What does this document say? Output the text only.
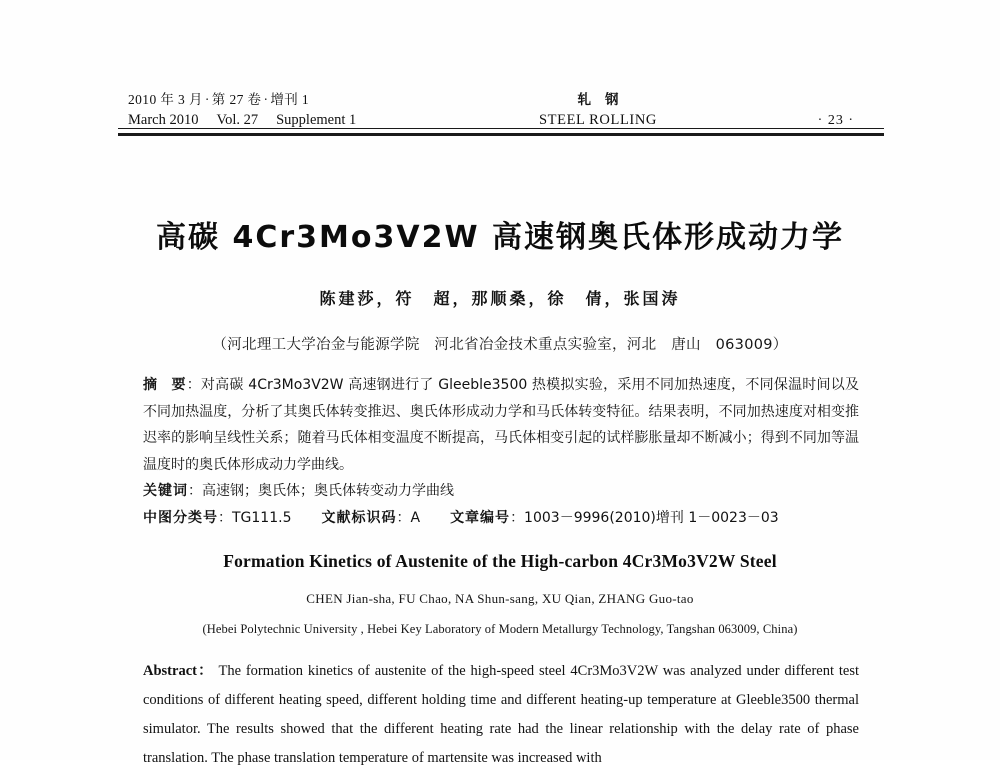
2010 年 3 月 · 第 27 卷 · 增刊 1	轧钢

March 2010 Vol. 27 Supplement 1	STEEL ROLLING	· 23 ·
高碳 4Cr3Mo3V2W 高速钢奥氏体形成动力学
陈建莎，符　超，那顺桑，徐　倩，张国涛
（河北理工大学冶金与能源学院　河北省冶金技术重点实验室，河北　唐山　063009）

摘 要：对高碳 4Cr3Mo3V2W 高速钢进行了 Gleeble3500 热模拟实验，采用不同加热速度，不同保温时间以及不同加热温度，分析了其奥氏体转变推迟、奥氏体形成动力学和马氏体转变特征。结果表明，不同加热速度对相变推迟率的影响呈线性关系；随着马氏体相变温度不断提高，马氏体相变引起的试样膨胀量却不断减小；得到不同加等温温度时的奥氏体形成动力学曲线。

关键词：高速钢；奥氏体；奥氏体转变动力学曲线

中图分类号：TG111.5 文献标识码：A 文章编号：1003－9996(2010)增刊 1－0023－03

Formation Kinetics of Austenite of the High-carbon 4Cr3Mo3V2W Steel
CHEN Jian-sha, FU Chao, NA Shun-sang, XU Qian, ZHANG Guo-tao
(Hebei Polytechnic University , Hebei Key Laboratory of Modern Metallurgy Technology, Tangshan 063009, China)
Abstract： The formation kinetics of austenite of the high-speed steel 4Cr3Mo3V2W was analyzed under different test conditions of different heating speed, different holding time and different heating-up temperature at Gleeble3500 thermal simulator. The results showed that the different heating rate had the linear relationship with the delay rate of phase translation. The phase translation temperature of martensite was increased with
